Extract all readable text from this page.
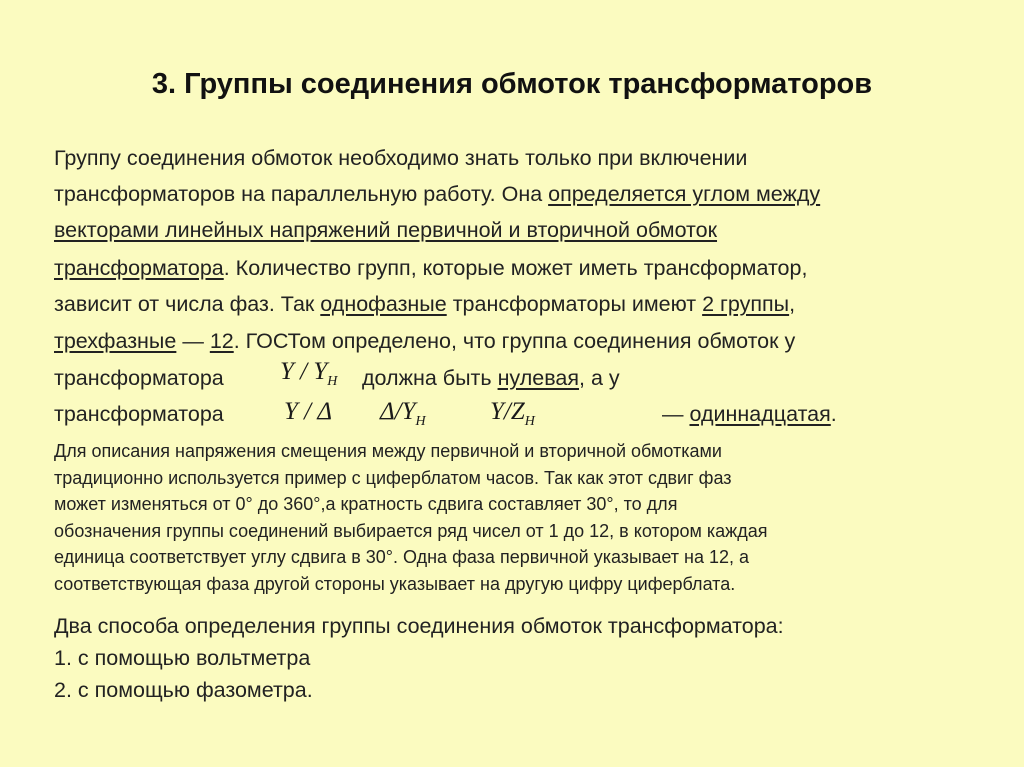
3. Группы соединения обмоток трансформаторов
Группу соединения обмоток необходимо знать только при включении
трансформаторов на параллельную работу. Она определяется углом между
векторами линейных напряжений первичной и вторичной обмоток
трансформатора. Количество групп, которые может иметь трансформатор,
зависит от числа фаз. Так однофазные трансформаторы имеют 2 группы,
трехфазные — 12. ГОСТом определено, что группа соединения обмоток у
трансформатора Y / $Y_H$ должна быть нулевая, а у
трансформатора Y / Δ $\Delta/Y_H$	$Y/Z_H$	— одиннадцатая.
Для описания напряжения смещения между первичной и вторичной обмотками
традиционно используется пример с циферблатом часов. Так как этот сдвиг фаз
может изменяться от 0° до 360°,а кратность сдвига составляет 30°, то для
обозначения группы соединений выбирается ряд чисел от 1 до 12, в котором каждая
единица соответствует углу сдвига в 30°. Одна фаза первичной указывает на 12, а
соответствующая фаза другой стороны указывает на другую цифру циферблата.
Два способа определения группы соединения обмоток трансформатора:
1. с помощью вольтметра
2. с помощью фазометра.
